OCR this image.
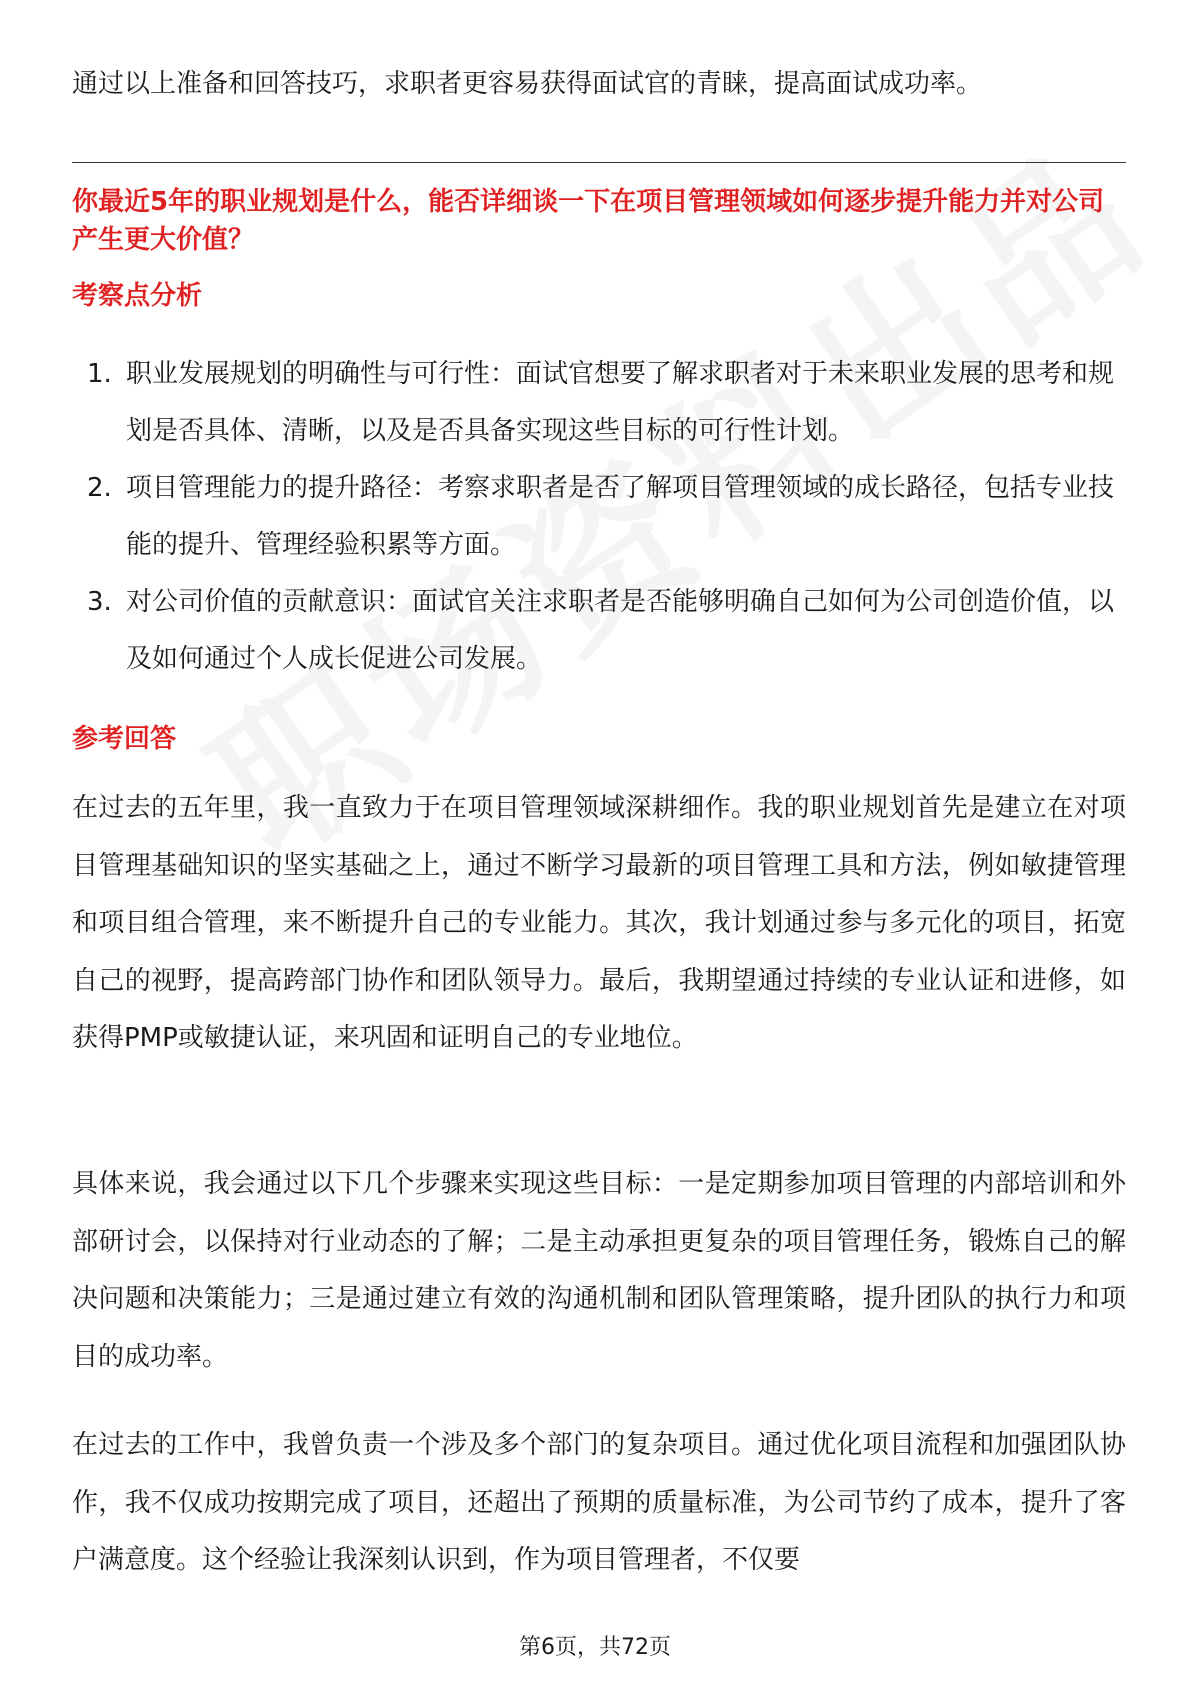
通过以上准备和回答技巧，求职者更容易获得面试官的青睐，提高面试成功率。

你最近5年的职业规划是什么，能否详细谈一下在项目管理领域如何逐步提升能力并对公司产生更大价值？
考察点分析
1. 职业发展规划的明确性与可行性：面试官想要了解求职者对于未来职业发展的思考和规划是否具体、清晰，以及是否具备实现这些目标的可行性计划。
2. 项目管理能力的提升路径：考察求职者是否了解项目管理领域的成长路径，包括专业技能的提升、管理经验积累等方面。
3. 对公司价值的贡献意识：面试官关注求职者是否能够明确自己如何为公司创造价值，以及如何通过个人成长促进公司发展。
参考回答

在过去的五年里，我一直致力于在项目管理领域深耕细作。我的职业规划首先是建立在对项目管理基础知识的坚实基础之上，通过不断学习最新的项目管理工具和方法，例如敏捷管理和项目组合管理，来不断提升自己的专业能力。其次，我计划通过参与多元化的项目，拓宽自己的视野，提高跨部门协作和团队领导力。最后，我期望通过持续的专业认证和进修，如获得PMP或敏捷认证，来巩固和证明自己的专业地位。

具体来说，我会通过以下几个步骤来实现这些目标：一是定期参加项目管理的内部培训和外部研讨会，以保持对行业动态的了解；二是主动承担更复杂的项目管理任务，锻炼自己的解决问题和决策能力；三是通过建立有效的沟通机制和团队管理策略，提升团队的执行力和项目的成功率。

在过去的工作中，我曾负责一个涉及多个部门的复杂项目。通过优化项目流程和加强团队协作，我不仅成功按期完成了项目，还超出了预期的质量标准，为公司节约了成本，提升了客户满意度。这个经验让我深刻认识到，作为项目管理者，不仅要

第6页，共72页
